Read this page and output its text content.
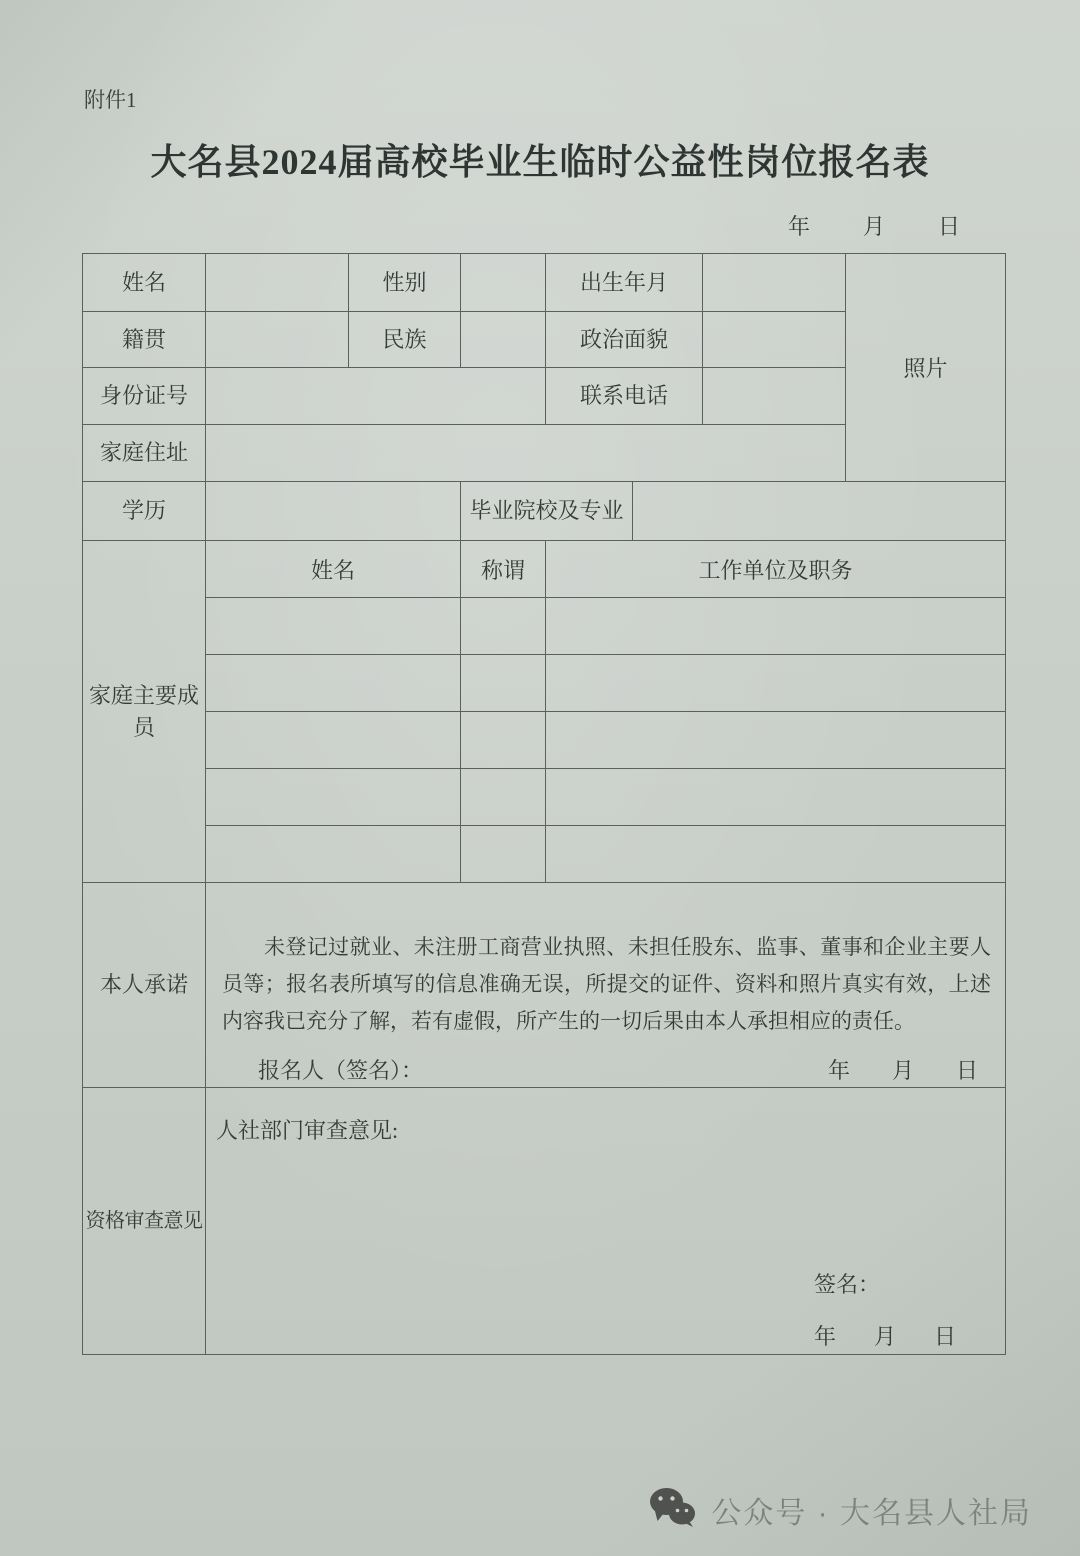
附件1
大名县2024届高校毕业生临时公益性岗位报名表
年 月 日
姓名		性别		出生年月			照片
籍贯		民族		政治面貌			
身份证号				联系电话			
家庭住址							
学历			毕业院校及专业				
家庭主要成员	姓名		称谓	工作单位及职务			

本人承诺	未登记过就业、未注册工商营业执照、未担任股东、监事、董事和企业主要人员等；报名表所填写的信息准确无误，所提交的证件、资料和照片真实有效，上述内容我已充分了解，若有虚假，所产生的一切后果由本人承担相应的责任。
报名人（签名）： 年 月 日						

资格审查意见	人社部门审查意见:
签名：
年 月 日						
公众号 · 大名县人社局
